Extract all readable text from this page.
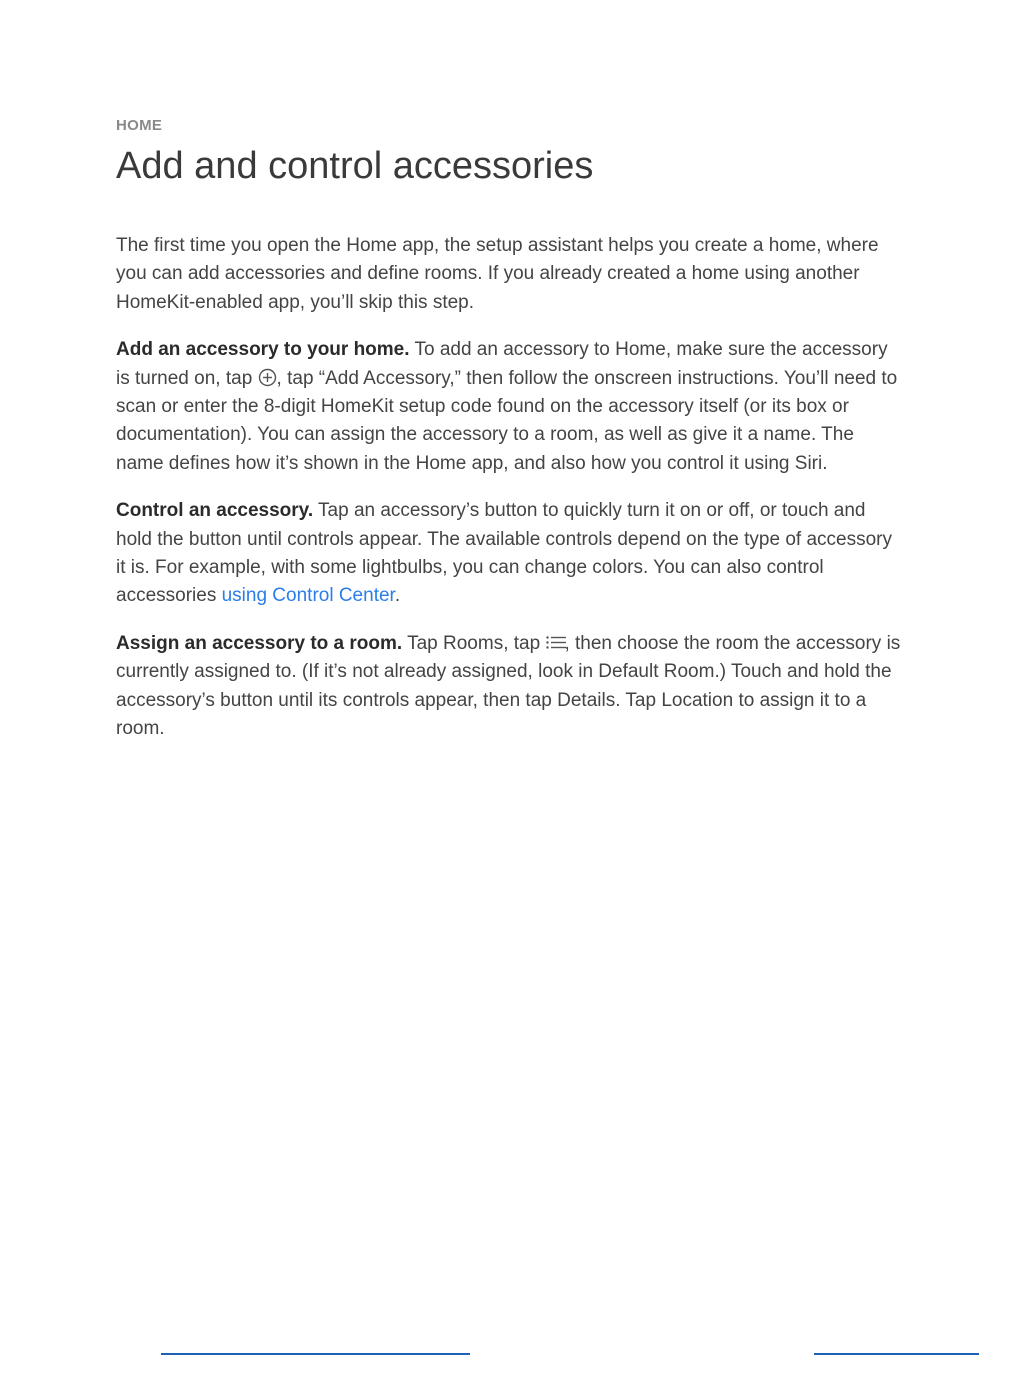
HOME

Add and control accessories

The first time you open the Home app, the setup assistant helps you create a home, where you can add accessories and define rooms. If you already created a home using another HomeKit-enabled app, you’ll skip this step.

Add an accessory to your home. To add an accessory to Home, make sure the accessory is turned on, tap , tap “Add Accessory,” then follow the onscreen instructions. You’ll need to scan or enter the 8-digit HomeKit setup code found on the accessory itself (or its box or documentation). You can assign the accessory to a room, as well as give it a name. The name defines how it’s shown in the Home app, and also how you control it using Siri.

Control an accessory. Tap an accessory’s button to quickly turn it on or off, or touch and hold the button until controls appear. The available controls depend on the type of accessory it is. For example, with some lightbulbs, you can change colors. You can also control accessories using Control Center.

Assign an accessory to a room. Tap Rooms, tap , then choose the room the accessory is currently assigned to. (If it’s not already assigned, look in Default Room.) Touch and hold the accessory’s button until its controls appear, then tap Details. Tap Location to assign it to a room.
